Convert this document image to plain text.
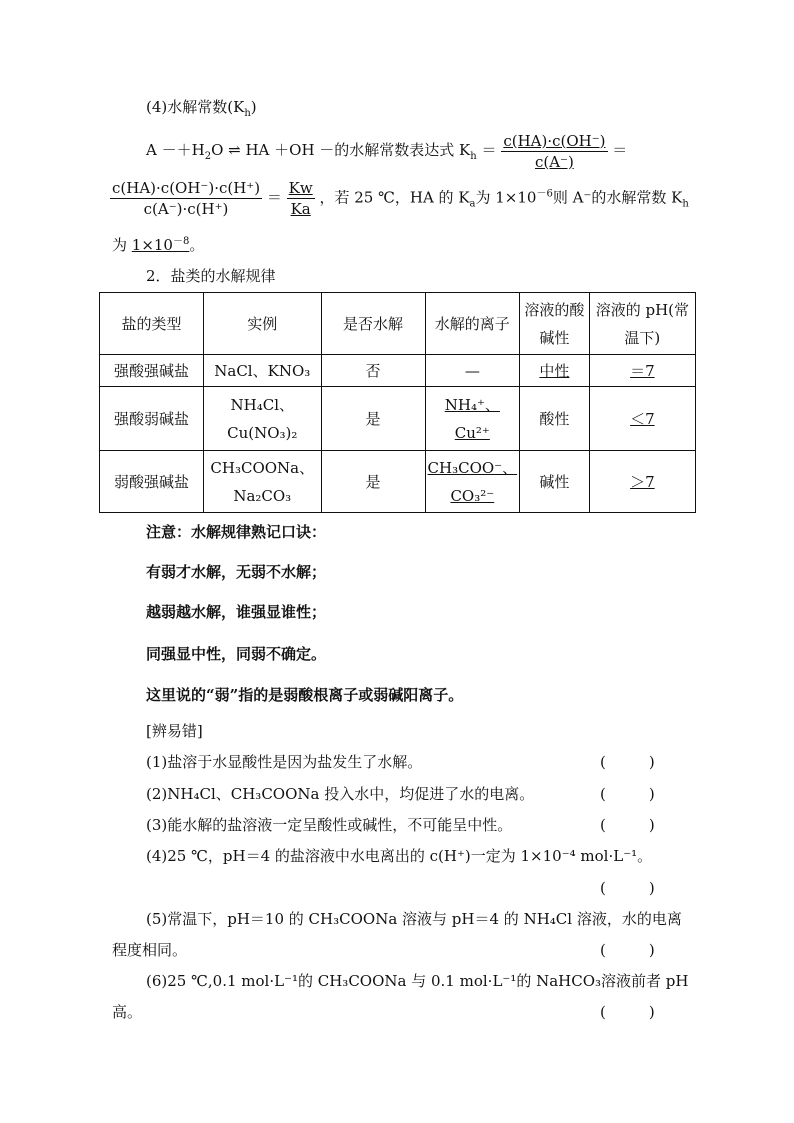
(4)水解常数$(K_h)$
$A -+H_2O$ ⇌ HA ＋OH －的水解常数表达式 $K_h = \frac{c(HA)\cdot c(OH^-)}{c(A^-)}$ ＝
$\frac{c(HA)\cdot c(OH^-)\cdot c(H^+)}{c(A^-)\cdot c(H^+)} = \frac{Kw}{Ka}$ ，若 25 ℃，HA 的 $K_a$为 $1\times 10^{-6}$则 A⁻的水解常数 $K_h$
为 $1\times 10^{-8}$。
2．盐类的水解规律
盐的类型	实例	是否水解	水解的离子	溶液的酸碱性	溶液的 pH(常温下)
强酸强碱盐	NaCl、KNO₃	否	—	中性	＝7
强酸弱碱盐	NH₄Cl、Cu(NO₃)₂	是	NH₄⁺、Cu²⁺	酸性	＜7
弱酸强碱盐	CH₃COONa、Na₂CO₃	是	CH₃COO⁻、CO₃²⁻	碱性	＞7
注意：水解规律熟记口诀：
有弱才水解，无弱不水解；
越弱越水解，谁强显谁性；
同强显中性，同弱不确定。
这里说的“弱”指的是弱酸根离子或弱碱阳离子。
[辨易错]
(1)盐溶于水显酸性是因为盐发生了水解。	(　)
(2)NH₄Cl、CH₃COONa 投入水中，均促进了水的电离。	(　)
(3)能水解的盐溶液一定呈酸性或碱性，不可能呈中性。	(　)
(4)25 ℃，pH＝4 的盐溶液中水电离出的 c(H⁺)一定为 1×10⁻⁴ mol·L⁻¹。
(　)
(5)常温下，pH＝10 的 CH₃COONa 溶液与 pH＝4 的 NH₄Cl 溶液，水的电离
程度相同。	(　)
(6)25 ℃,0.1 mol·L⁻¹的 CH₃COONa 与 0.1 mol·L⁻¹的 NaHCO₃溶液前者 pH
高。	(　)
